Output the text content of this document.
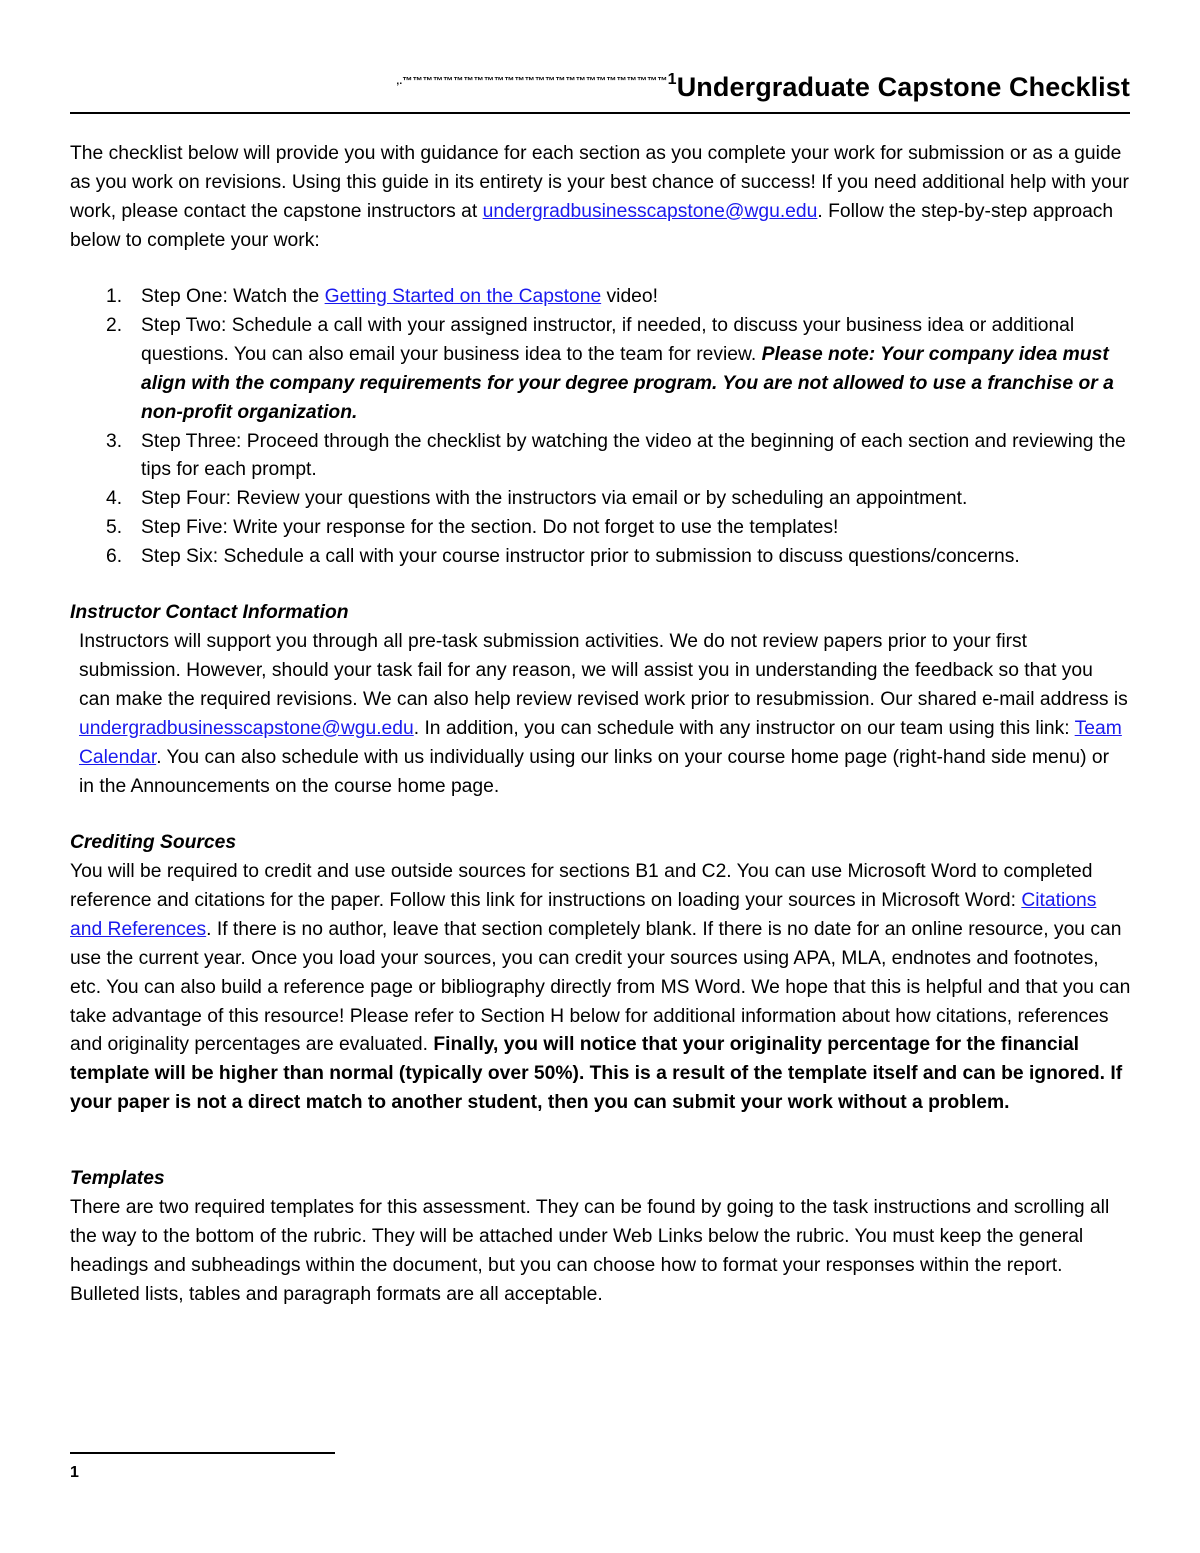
$^{,.™™™™™™™™™™™™™™™™™™™™™™™™™™1}$Undergraduate Capstone Checklist
The checklist below will provide you with guidance for each section as you complete your work for submission or as a guide as you work on revisions. Using this guide in its entirety is your best chance of success! If you need additional help with your work, please contact the capstone instructors at undergradbusinesscapstone@wgu.edu. Follow the step-by-step approach below to complete your work:
1. Step One: Watch the Getting Started on the Capstone video!
2. Step Two: Schedule a call with your assigned instructor, if needed, to discuss your business idea or additional questions. You can also email your business idea to the team for review. Please note: Your company idea must align with the company requirements for your degree program. You are not allowed to use a franchise or a non-profit organization.
3. Step Three: Proceed through the checklist by watching the video at the beginning of each section and reviewing the tips for each prompt.
4. Step Four: Review your questions with the instructors via email or by scheduling an appointment.
5. Step Five: Write your response for the section. Do not forget to use the templates!
6. Step Six: Schedule a call with your course instructor prior to submission to discuss questions/concerns.
Instructor Contact Information
Instructors will support you through all pre-task submission activities. We do not review papers prior to your first submission. However, should your task fail for any reason, we will assist you in understanding the feedback so that you can make the required revisions. We can also help review revised work prior to resubmission. Our shared e-mail address is undergradbusinesscapstone@wgu.edu. In addition, you can schedule with any instructor on our team using this link: Team Calendar. You can also schedule with us individually using our links on your course home page (right-hand side menu) or in the Announcements on the course home page.
Crediting Sources
You will be required to credit and use outside sources for sections B1 and C2. You can use Microsoft Word to completed reference and citations for the paper. Follow this link for instructions on loading your sources in Microsoft Word: Citations and References. If there is no author, leave that section completely blank. If there is no date for an online resource, you can use the current year. Once you load your sources, you can credit your sources using APA, MLA, endnotes and footnotes, etc. You can also build a reference page or bibliography directly from MS Word. We hope that this is helpful and that you can take advantage of this resource! Please refer to Section H below for additional information about how citations, references and originality percentages are evaluated. Finally, you will notice that your originality percentage for the financial template will be higher than normal (typically over 50%). This is a result of the template itself and can be ignored. If your paper is not a direct match to another student, then you can submit your work without a problem.
Templates
There are two required templates for this assessment. They can be found by going to the task instructions and scrolling all the way to the bottom of the rubric. They will be attached under Web Links below the rubric. You must keep the general headings and subheadings within the document, but you can choose how to format your responses within the report. Bulleted lists, tables and paragraph formats are all acceptable.
1
